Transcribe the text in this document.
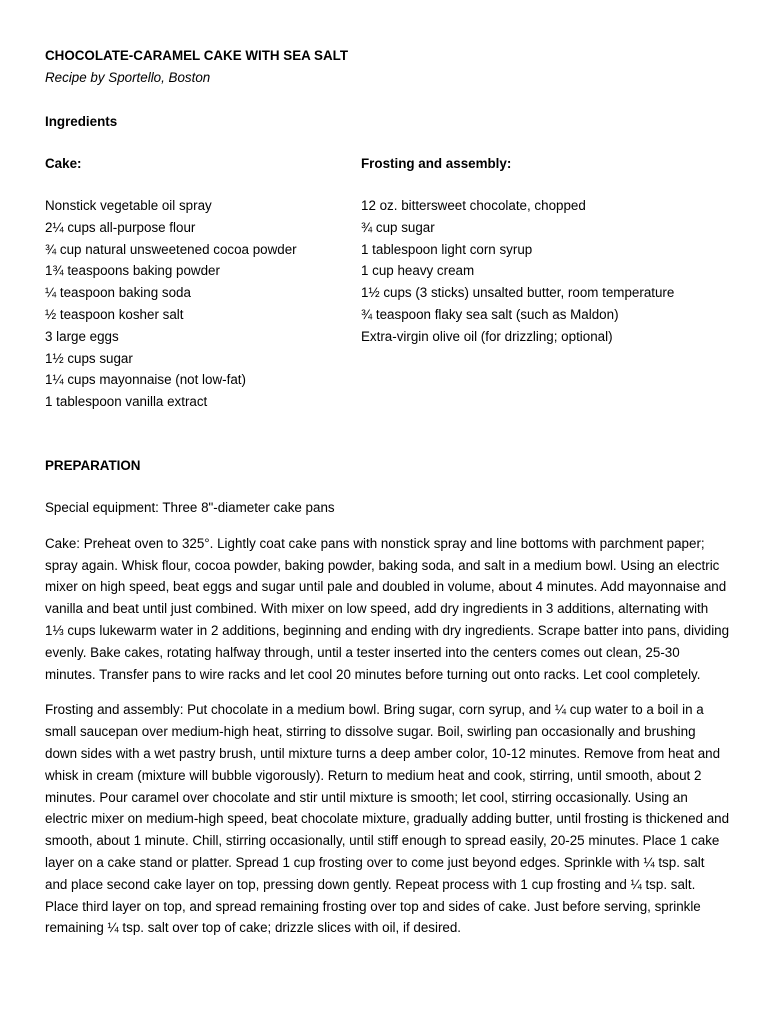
CHOCOLATE-CARAMEL CAKE WITH SEA SALT
Recipe by Sportello, Boston
Ingredients
Cake:
Nonstick vegetable oil spray
2¼ cups all-purpose flour
¾ cup natural unsweetened cocoa powder
1¾ teaspoons baking powder
¼ teaspoon baking soda
½ teaspoon kosher salt
3 large eggs
1½ cups sugar
1¼ cups mayonnaise (not low-fat)
1 tablespoon vanilla extract
Frosting and assembly:
12 oz. bittersweet chocolate, chopped
¾ cup sugar
1 tablespoon light corn syrup
1 cup heavy cream
1½ cups (3 sticks) unsalted butter, room temperature
¾ teaspoon flaky sea salt (such as Maldon)
Extra-virgin olive oil (for drizzling; optional)
PREPARATION

Special equipment: Three 8"-diameter cake pans

Cake: Preheat oven to 325°. Lightly coat cake pans with nonstick spray and line bottoms with parchment paper; spray again. Whisk flour, cocoa powder, baking powder, baking soda, and salt in a medium bowl. Using an electric mixer on high speed, beat eggs and sugar until pale and doubled in volume, about 4 minutes. Add mayonnaise and vanilla and beat until just combined. With mixer on low speed, add dry ingredients in 3 additions, alternating with 1⅓ cups lukewarm water in 2 additions, beginning and ending with dry ingredients. Scrape batter into pans, dividing evenly. Bake cakes, rotating halfway through, until a tester inserted into the centers comes out clean, 25-30 minutes. Transfer pans to wire racks and let cool 20 minutes before turning out onto racks. Let cool completely.

Frosting and assembly: Put chocolate in a medium bowl. Bring sugar, corn syrup, and ¼ cup water to a boil in a small saucepan over medium-high heat, stirring to dissolve sugar. Boil, swirling pan occasionally and brushing down sides with a wet pastry brush, until mixture turns a deep amber color, 10-12 minutes. Remove from heat and whisk in cream (mixture will bubble vigorously). Return to medium heat and cook, stirring, until smooth, about 2 minutes. Pour caramel over chocolate and stir until mixture is smooth; let cool, stirring occasionally. Using an electric mixer on medium-high speed, beat chocolate mixture, gradually adding butter, until frosting is thickened and smooth, about 1 minute. Chill, stirring occasionally, until stiff enough to spread easily, 20-25 minutes. Place 1 cake layer on a cake stand or platter. Spread 1 cup frosting over to come just beyond edges. Sprinkle with ¼ tsp. salt and place second cake layer on top, pressing down gently. Repeat process with 1 cup frosting and ¼ tsp. salt. Place third layer on top, and spread remaining frosting over top and sides of cake. Just before serving, sprinkle remaining ¼ tsp. salt over top of cake; drizzle slices with oil, if desired.
